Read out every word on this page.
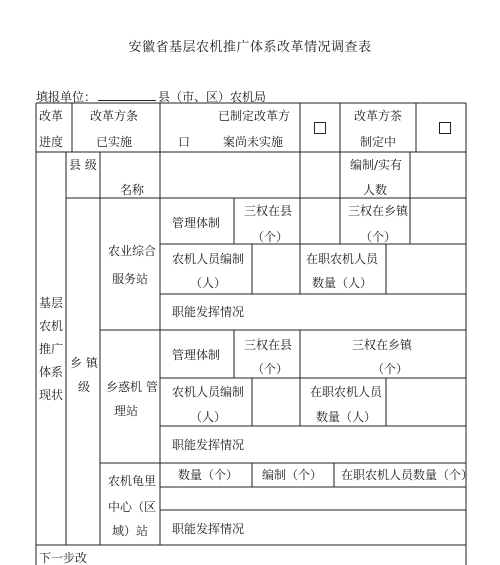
安徽省基层农机推广体系改革情况调查表
填报单位：	县（市、区）农机局
改革
进度
改革方条
已实施
已制定改革方
口	案尚未实施
改革方茶
制定中
基层
农机
推广
体系
现状
县 级
名称
编制/实有
人数
乡 镇
级
农业综合
服务站
管理体制
三权在县
（个）
三权在乡镇
（个）
农机人员编制
（人）
在职农机人员
数量（人）
职能发挥情况
乡惑机 管
理站
管理体制
三权在县
（个）
三权在乡镇
（个）
农机人员编制
（人）
在职农机人员
数量（人）
职能发挥情况
农机龟里
中心（区
域）站
数量（个） 编制（个） 在职农机人员数量（个）
职能发挥情况
下一步改
